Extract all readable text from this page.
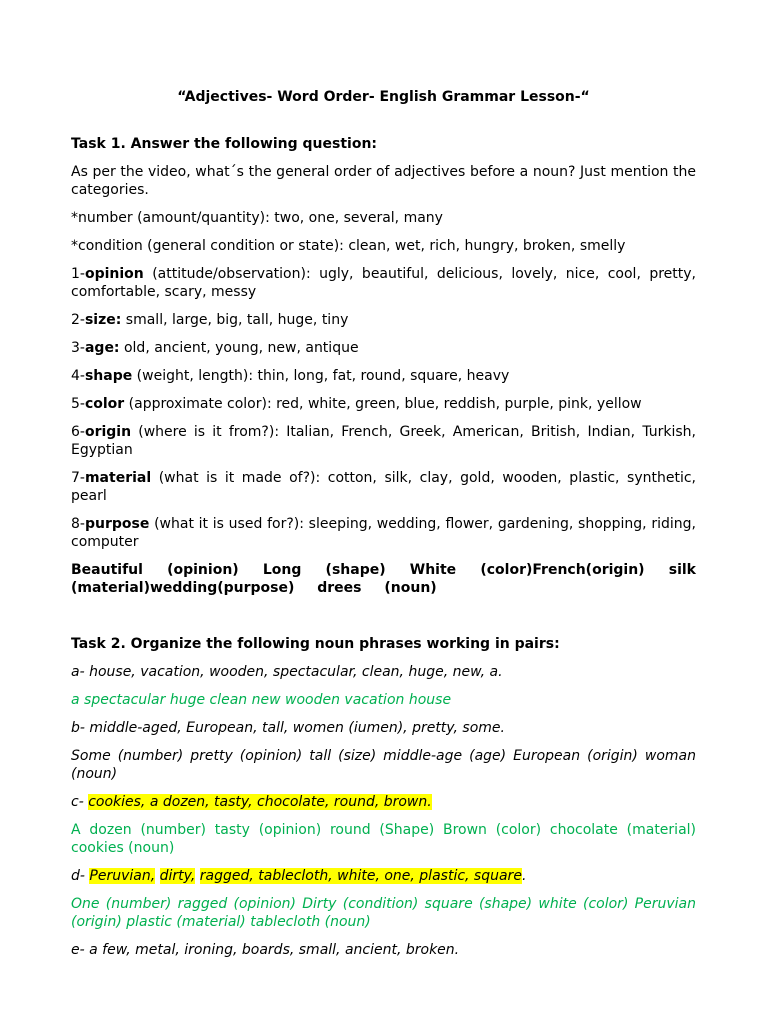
“Adjectives- Word Order- English Grammar Lesson-“

Task 1. Answer the following question:

As per the video, what´s the general order of adjectives before a noun? Just mention the categories.

*number (amount/quantity): two, one, several, many

*condition (general condition or state): clean, wet, rich, hungry, broken, smelly

1-opinion (attitude/observation): ugly, beautiful, delicious, lovely, nice, cool, pretty, comfortable, scary, messy

2-size: small, large, big, tall, huge, tiny

3-age: old, ancient, young, new, antique

4-shape (weight, length): thin, long, fat, round, square, heavy

5-color (approximate color): red, white, green, blue, reddish, purple, pink, yellow

6-origin (where is it from?): Italian, French, Greek, American, British, Indian, Turkish, Egyptian

7-material (what is it made of?): cotton, silk, clay, gold, wooden, plastic, synthetic, pearl

8-purpose (what it is used for?): sleeping, wedding, flower, gardening, shopping, riding, computer

Beautiful (opinion) Long (shape) White (color)French(origin) silk (material)wedding(purpose) drees (noun)

Task 2. Organize the following noun phrases working in pairs:

a- house, vacation, wooden, spectacular, clean, huge, new, a.

a spectacular huge clean new wooden vacation house

b- middle-aged, European, tall, women (iumen), pretty, some.

Some (number) pretty (opinion) tall (size) middle-age (age) European (origin) woman (noun)

c- cookies, a dozen, tasty, chocolate, round, brown.

A dozen (number) tasty (opinion) round (Shape) Brown (color) chocolate (material) cookies (noun)

d- Peruvian, dirty, ragged, tablecloth, white, one, plastic, square.

One (number) ragged (opinion) Dirty (condition) square (shape) white (color) Peruvian (origin) plastic (material) tablecloth (noun)

e- a few, metal, ironing, boards, small, ancient, broken.
